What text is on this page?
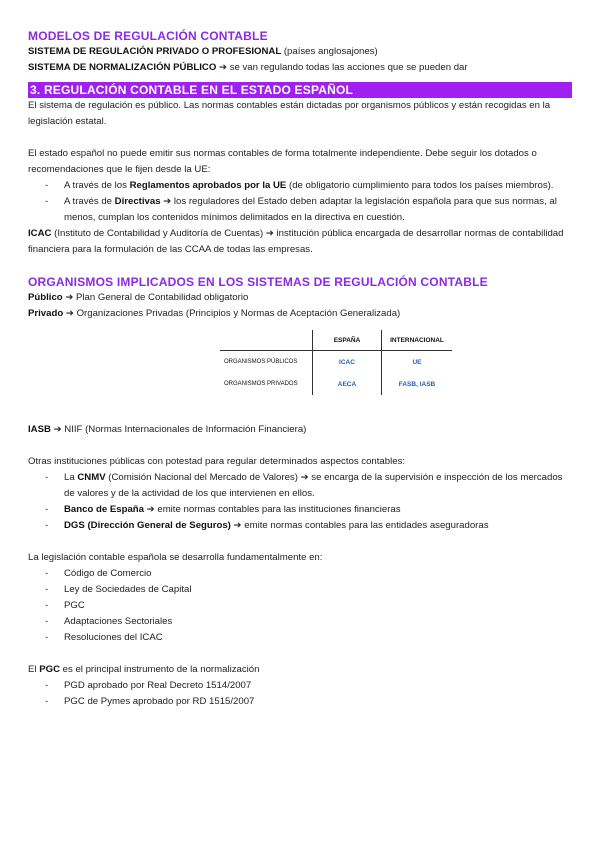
MODELOS DE REGULACIÓN CONTABLE

SISTEMA DE REGULACIÓN PRIVADO O PROFESIONAL (países anglosajones)

SISTEMA DE NORMALIZACIÓN PÚBLICO ➔ se van regulando todas las acciones que se pueden dar

3. REGULACIÓN CONTABLE EN EL ESTADO ESPAÑOL

El sistema de regulación es público. Las normas contables están dictadas por organismos públicos y están recogidas en la legislación estatal.

El estado español no puede emitir sus normas contables de forma totalmente independiente. Debe seguir los dotados o recomendaciones que le fijen desde la UE:

- A través de los Reglamentos aprobados por la UE (de obligatorio cumplimiento para todos los países miembros).
- A través de Directivas ➔ los reguladores del Estado deben adaptar la legislación española para que sus normas, al menos, cumplan los contenidos mínimos delimitados en la directiva en cuestión.

ICAC (Instituto de Contabilidad y Auditoría de Cuentas) ➔ institución pública encargada de desarrollar normas de contabilidad financiera para la formulación de las CCAA de todas las empresas.

ORGANISMOS IMPLICADOS EN LOS SISTEMAS DE REGULACIÓN CONTABLE

Público ➔ Plan General de Contabilidad obligatorio

Privado ➔ Organizaciones Privadas (Principios y Normas de Aceptación Generalizada)

	ESPAÑA	INTERNACIONAL
ORGANISMOS PÚBLICOS	ICAC	UE
ORGANISMOS PRIVADOS	AECA	FASB, IASB

IASB ➔ NIIF (Normas Internacionales de Información Financiera)

Otras instituciones públicas con potestad para regular determinados aspectos contables:

- La CNMV (Comisión Nacional del Mercado de Valores) ➔ se encarga de la supervisión e inspección de los mercados de valores y de la actividad de los que intervienen en ellos.
- Banco de España ➔ emite normas contables para las instituciones financieras
- DGS (Dirección General de Seguros) ➔ emite normas contables para las entidades aseguradoras

La legislación contable española se desarrolla fundamentalmente en:

- Código de Comercio
- Ley de Sociedades de Capital
- PGC
- Adaptaciones Sectoriales
- Resoluciones del ICAC

El PGC es el principal instrumento de la normalización

- PGD aprobado por Real Decreto 1514/2007
- PGC de Pymes aprobado por RD 1515/2007
